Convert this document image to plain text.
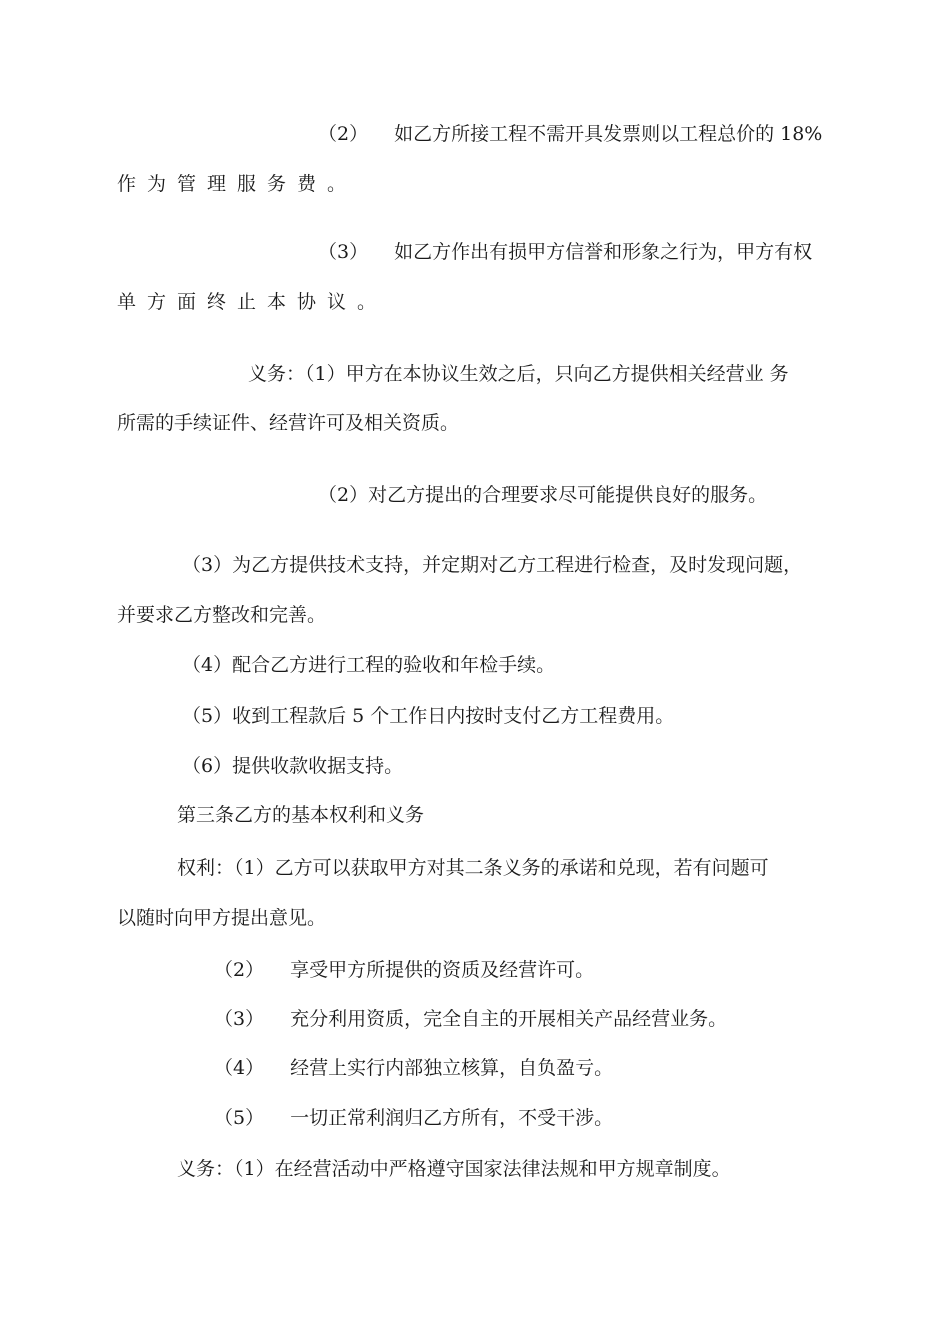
（2） 如乙方所接工程不需开具发票则以工程总价的 18%

作为管理服务费。

（3） 如乙方作出有损甲方信誉和形象之行为，甲方有权

单方面终止本协议。

义务：（1）甲方在本协议生效之后，只向乙方提供相关经营业 务

所需的手续证件、经营许可及相关资质。

（2）对乙方提出的合理要求尽可能提供良好的服务。

（3）为乙方提供技术支持，并定期对乙方工程进行检查，及时发现问题，

并要求乙方整改和完善。

（4）配合乙方进行工程的验收和年检手续。

（5）收到工程款后 5 个工作日内按时支付乙方工程费用。

（6）提供收款收据支持。

第三条乙方的基本权利和义务

权利：（1）乙方可以获取甲方对其二条义务的承诺和兑现，若有问题可

以随时向甲方提出意见。

（2） 享受甲方所提供的资质及经营许可。

（3） 充分利用资质，完全自主的开展相关产品经营业务。

（4） 经营上实行内部独立核算，自负盈亏。

（5） 一切正常利润归乙方所有，不受干涉。

义务：（1）在经营活动中严格遵守国家法律法规和甲方规章制度。
